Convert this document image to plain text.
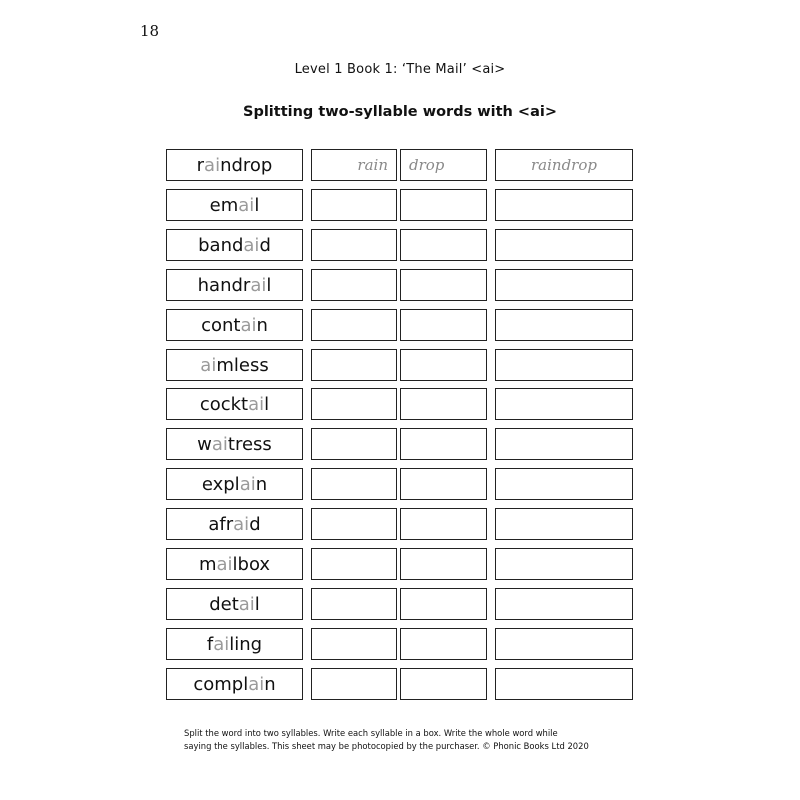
18
Level 1 Book 1: ‘The Mail’ <ai>
Splitting two-syllable words with <ai>
r ai ndrop	rain drop	raindrop
em ai l
band ai d
handr ai l
cont ai n
ai mless
cockt ai l
w ai tress
expl ai n
afr ai d
m ai lbox
det ai l
f ai ling
compl ai n
Split the word into two syllables. Write each syllable in a box. Write the whole word while
saying the syllables. This sheet may be photocopied by the purchaser. © Phonic Books Ltd 2020
